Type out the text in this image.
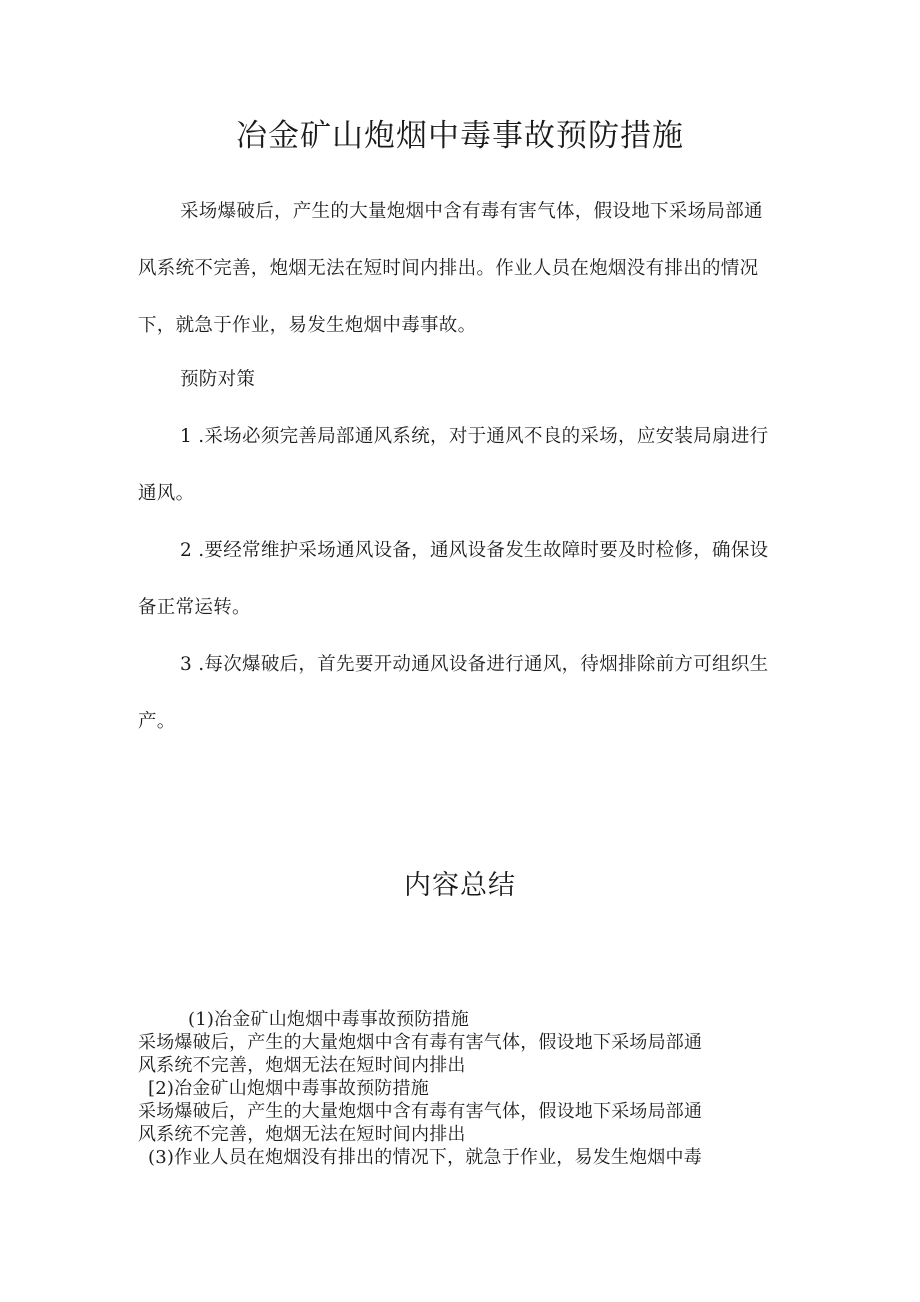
冶金矿山炮烟中毒事故预防措施

采场爆破后，产生的大量炮烟中含有毒有害气体，假设地下采场局部通风系统不完善，炮烟无法在短时间内排出。作业人员在炮烟没有排出的情况下，就急于作业，易发生炮烟中毒事故。

预防对策

1 .采场必须完善局部通风系统，对于通风不良的采场，应安装局扇进行通风。

2 .要经常维护采场通风设备，通风设备发生故障时要及时检修，确保设备正常运转。

3 .每次爆破后，首先要开动通风设备进行通风，待烟排除前方可组织生产。

内容总结
(1)冶金矿山炮烟中毒事故预防措施
采场爆破后，产生的大量炮烟中含有毒有害气体，假设地下采场局部通
风系统不完善，炮烟无法在短时间内排出
[2)冶金矿山炮烟中毒事故预防措施
采场爆破后，产生的大量炮烟中含有毒有害气体，假设地下采场局部通
风系统不完善，炮烟无法在短时间内排出
(3)作业人员在炮烟没有排出的情况下，就急于作业，易发生炮烟中毒
